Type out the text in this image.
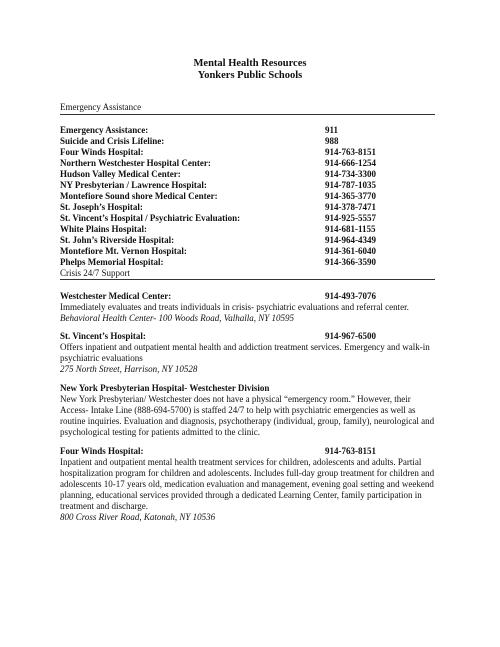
Mental Health Resources
Yonkers Public Schools
Emergency Assistance
Emergency Assistance:	911
Suicide and Crisis Lifeline:	988
Four Winds Hospital:	914-763-8151
Northern Westchester Hospital Center:	914-666-1254
Hudson Valley Medical Center:	914-734-3300
NY Presbyterian / Lawrence Hospital:	914-787-1035
Montefiore Sound shore Medical Center:	914-365-3770
St. Joseph’s Hospital:	914-378-7471
St. Vincent’s Hospital / Psychiatric Evaluation:	914-925-5557
White Plains Hospital:	914-681-1155
St. John’s Riverside Hospital:	914-964-4349
Montefiore Mt. Vernon Hospital:	914-361-6040
Phelps Memorial Hospital:	914-366-3590
Crisis 24/7 Support
Westchester Medical Center:	914-493-7076

Immediately evaluates and treats individuals in crisis- psychiatric evaluations and referral center.

Behavioral Health Center- 100 Woods Road, Valhalla, NY 10595

St. Vincent’s Hospital:	914-967-6500

Offers inpatient and outpatient mental health and addiction treatment services. Emergency and walk-in psychiatric evaluations

275 North Street, Harrison, NY 10528

New York Presbyterian Hospital- Westchester Division

New York Presbyterian/ Westchester does not have a physical “emergency room.” However, their Access- Intake Line (888-694-5700) is staffed 24/7 to help with psychiatric emergencies as well as routine inquiries. Evaluation and diagnosis, psychotherapy (individual, group, family), neurological and psychological testing for patients admitted to the clinic.

Four Winds Hospital:	914-763-8151

Inpatient and outpatient mental health treatment services for children, adolescents and adults. Partial hospitalization program for children and adolescents. Includes full-day group treatment for children and adolescents 10-17 years old, medication evaluation and management, evening goal setting and weekend planning, educational services provided through a dedicated Learning Center, family participation in treatment and discharge.

800 Cross River Road, Katonah, NY 10536
